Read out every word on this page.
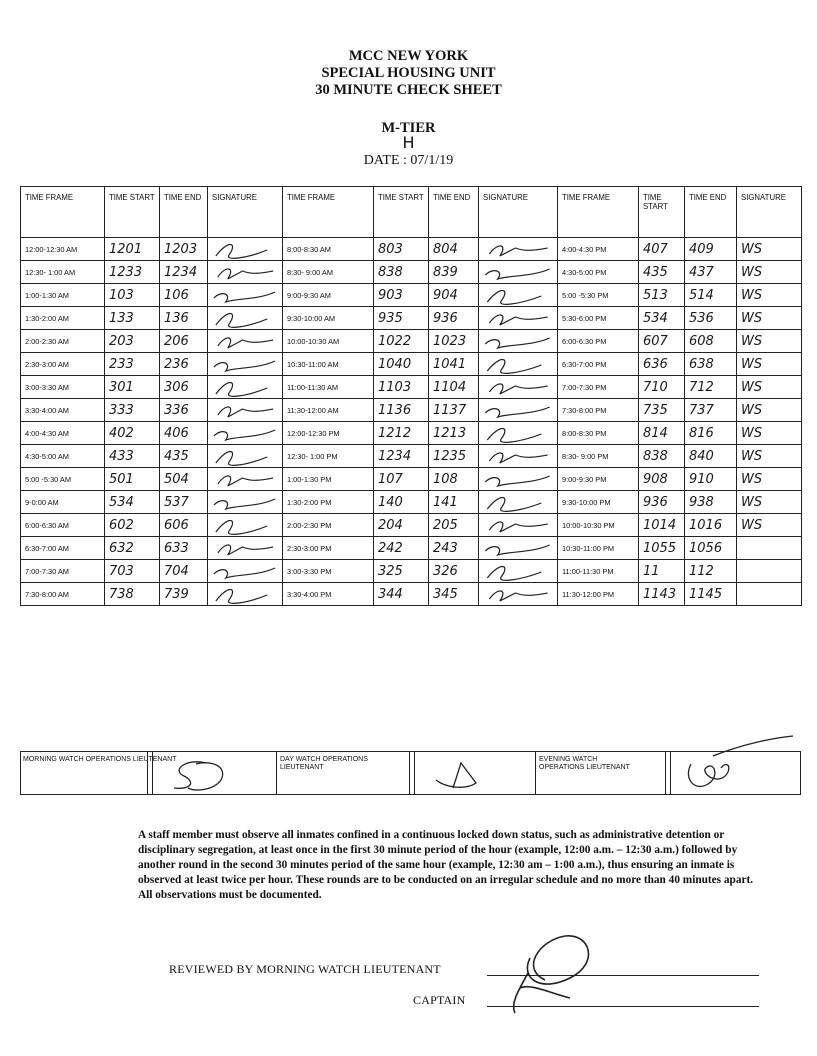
MCC NEW YORK
SPECIAL HOUSING UNIT
30 MINUTE CHECK SHEET
M-TIER
H
DATE : 07/1/19
TIME FRAME	TIME START	TIME END	SIGNATURE	TIME FRAME	TIME START	TIME END	SIGNATURE	TIME FRAME	TIME START	TIME END	SIGNATURE
12:00-12:30 AM	1201	1203		8:00-8:30 AM	803	804		4:00-4:30 PM	407	409	WS
12:30- 1:00 AM	1233	1234		8:30- 9:00 AM	838	839		4:30-5:00 PM	435	437	WS
1:00-1:30 AM	103	106		9:00-9:30 AM	903	904		5:00 -5:30 PM	513	514	WS
1:30-2:00 AM	133	136		9:30-10:00 AM	935	936		5:30-6:00 PM	534	536	WS
2:00-2:30 AM	203	206		10:00-10:30 AM	1022	1023		6:00-6:30 PM	607	608	WS
2:30-3:00 AM	233	236		10:30-11:00 AM	1040	1041		6:30-7:00 PM	636	638	WS
3:00-3:30 AM	301	306		11:00-11:30 AM	1103	1104		7:00-7:30 PM	710	712	WS
3:30-4:00 AM	333	336		11:30-12:00 AM	1136	1137		7:30-8:00 PM	735	737	WS
4:00-4:30 AM	402	406		12:00-12:30 PM	1212	1213		8:00-8:30 PM	814	816	WS
4:30-5:00 AM	433	435		12:30- 1:00 PM	1234	1235		8:30- 9:00 PM	838	840	WS
5:00 -5:30 AM	501	504		1:00-1:30 PM	107	108		9:00-9:30 PM	908	910	WS
9-0:00 AM	534	537		1:30-2:00 PM	140	141		9:30-10:00 PM	936	938	WS
6:00-6:30 AM	602	606		2:00-2:30 PM	204	205		10:00-10:30 PM	1014	1016	WS
6:30-7:00 AM	632	633		2:30-3:00 PM	242	243		10:30-11:00 PM	1055	1056	
7:00-7:30 AM	703	704		3:00-3:30 PM	325	326		11:00-11:30 PM	11	112	
7:30-8:00 AM	738	739		3:30-4:00 PM	344	345		11:30-12:00 PM	1143	1145	
MORNING WATCH OPERATIONS LIEUTENANT	DAY WATCH OPERATIONS LIEUTENANT
EVENING WATCH OPERATIONS LIEUTENANT
A staff member must observe all inmates confined in a continuous locked down status, such as administrative detention or disciplinary segregation, at least once in the first 30 minute period of the hour (example, 12:00 a.m. – 12:30 a.m.) followed by another round in the second 30 minutes period of the same hour (example, 12:30 am – 1:00 a.m.), thus ensuring an inmate is observed at least twice per hour. These rounds are to be conducted on an irregular schedule and no more than 40 minutes apart. All observations must be documented.
REVIEWED BY MORNING WATCH LIEUTENANT
CAPTAIN
